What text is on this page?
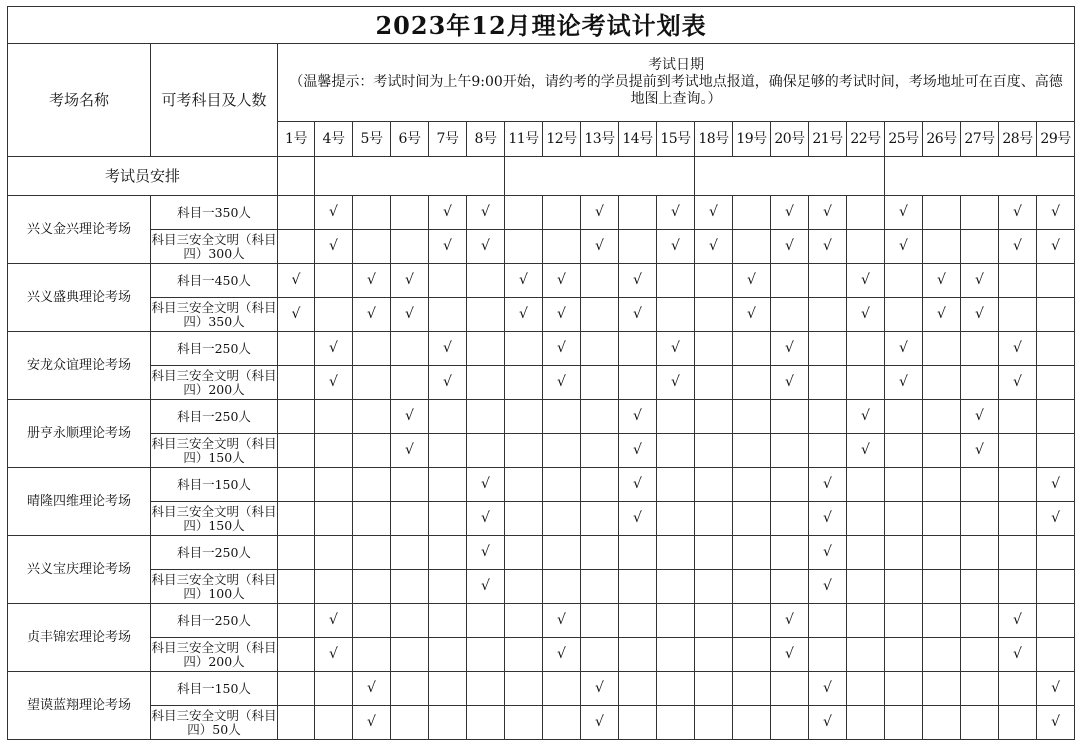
2023年12月理论考试计划表																						
考场名称	可考科目及人数	考试日期
（温馨提示：考试时间为上午9:00开始，请约考的学员提前到考试地点报道，确保足够的考试时间，考场地址可在百度、高德地图上查询。）																				

		1号	4号	5号	6号	7号	8号	11号	12号	13号	14号	15号	18号	19号	20号	21号	22号	25号	26号	27号	28号	29号
考试员安排																						
兴义金兴理论考场	科目一350人		√			√	√			√		√	√		√	√		√			√	√
	科目三安全文明（科目四）300人		√			√	√			√		√	√		√	√		√			√	√
兴义盛典理论考场	科目一450人	√		√	√			√	√		√			√			√		√	√		
	科目三安全文明（科目四）350人	√		√	√			√	√		√			√			√		√	√		
安龙众谊理论考场	科目一250人		√			√			√			√			√			√			√	
	科目三安全文明（科目四）200人		√			√			√			√			√			√			√	
册亨永顺理论考场	科目一250人				√						√						√			√		
	科目三安全文明（科目四）150人				√						√						√			√		
晴隆四维理论考场	科目一150人						√				√					√						√
	科目三安全文明（科目四）150人						√				√					√						√
兴义宝庆理论考场	科目一250人						√									√						
	科目三安全文明（科目四）100人						√									√						
贞丰锦宏理论考场	科目一250人		√						√						√						√	
	科目三安全文明（科目四）200人		√						√						√						√	
望谟蓝翔理论考场	科目一150人			√						√						√						√
	科目三安全文明（科目四）50人			√						√						√						√
